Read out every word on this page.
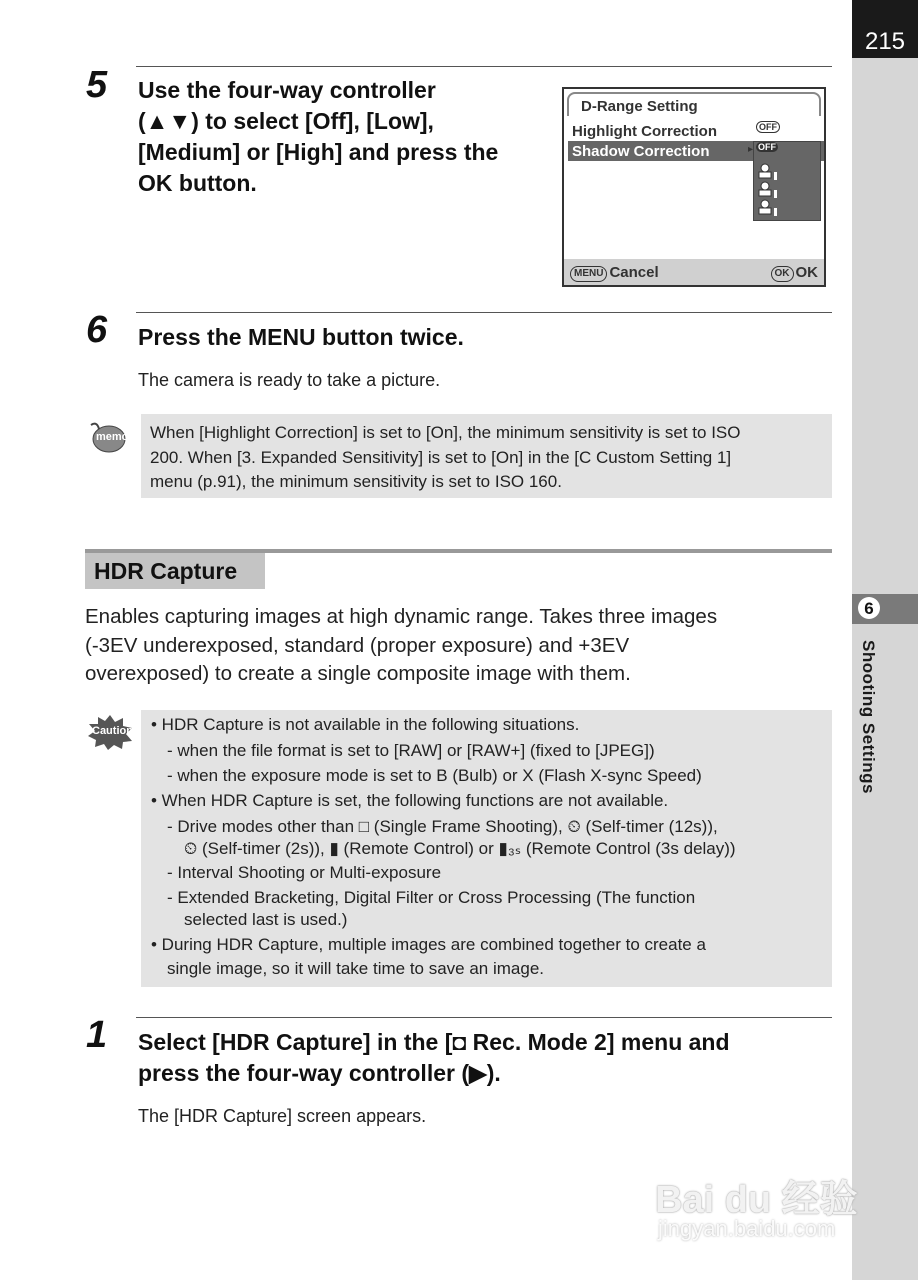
215
6
Shooting Settings
5 Use the four-way controller
(▲▼) to select [Off], [Low],
[Medium] or [High] and press the
OK button.
D-Range Setting
Highlight Correction
Shadow Correction
OFF
▸ OFF
MENU Cancel	OK OK
6 Press the MENU button twice.
The camera is ready to take a picture.
memo When [Highlight Correction] is set to [On], the minimum sensitivity is set to ISO
200. When [3. Expanded Sensitivity] is set to [On] in the [C Custom Setting 1]
menu (p.91), the minimum sensitivity is set to ISO 160.
HDR Capture
Enables capturing images at high dynamic range. Takes three images
(-3EV underexposed, standard (proper exposure) and +3EV
overexposed) to create a single composite image with them.
Caution • HDR Capture is not available in the following situations.
- when the file format is set to [RAW] or [RAW+] (fixed to [JPEG])
- when the exposure mode is set to B (Bulb) or X (Flash X-sync Speed)
• When HDR Capture is set, the following functions are not available.
- Drive modes other than □ (Single Frame Shooting), ⏲ (Self-timer (12s)),
⏲ (Self-timer (2s)), ▮ (Remote Control) or ▮₃ₛ (Remote Control (3s delay))
- Interval Shooting or Multi-exposure
- Extended Bracketing, Digital Filter or Cross Processing (The function
selected last is used.)
• During HDR Capture, multiple images are combined together to create a
single image, so it will take time to save an image.
1 Select [HDR Capture] in the [◘ Rec. Mode 2] menu and
press the four-way controller (▶).
The [HDR Capture] screen appears.
Bai du 经验
jingyan.baidu.com
